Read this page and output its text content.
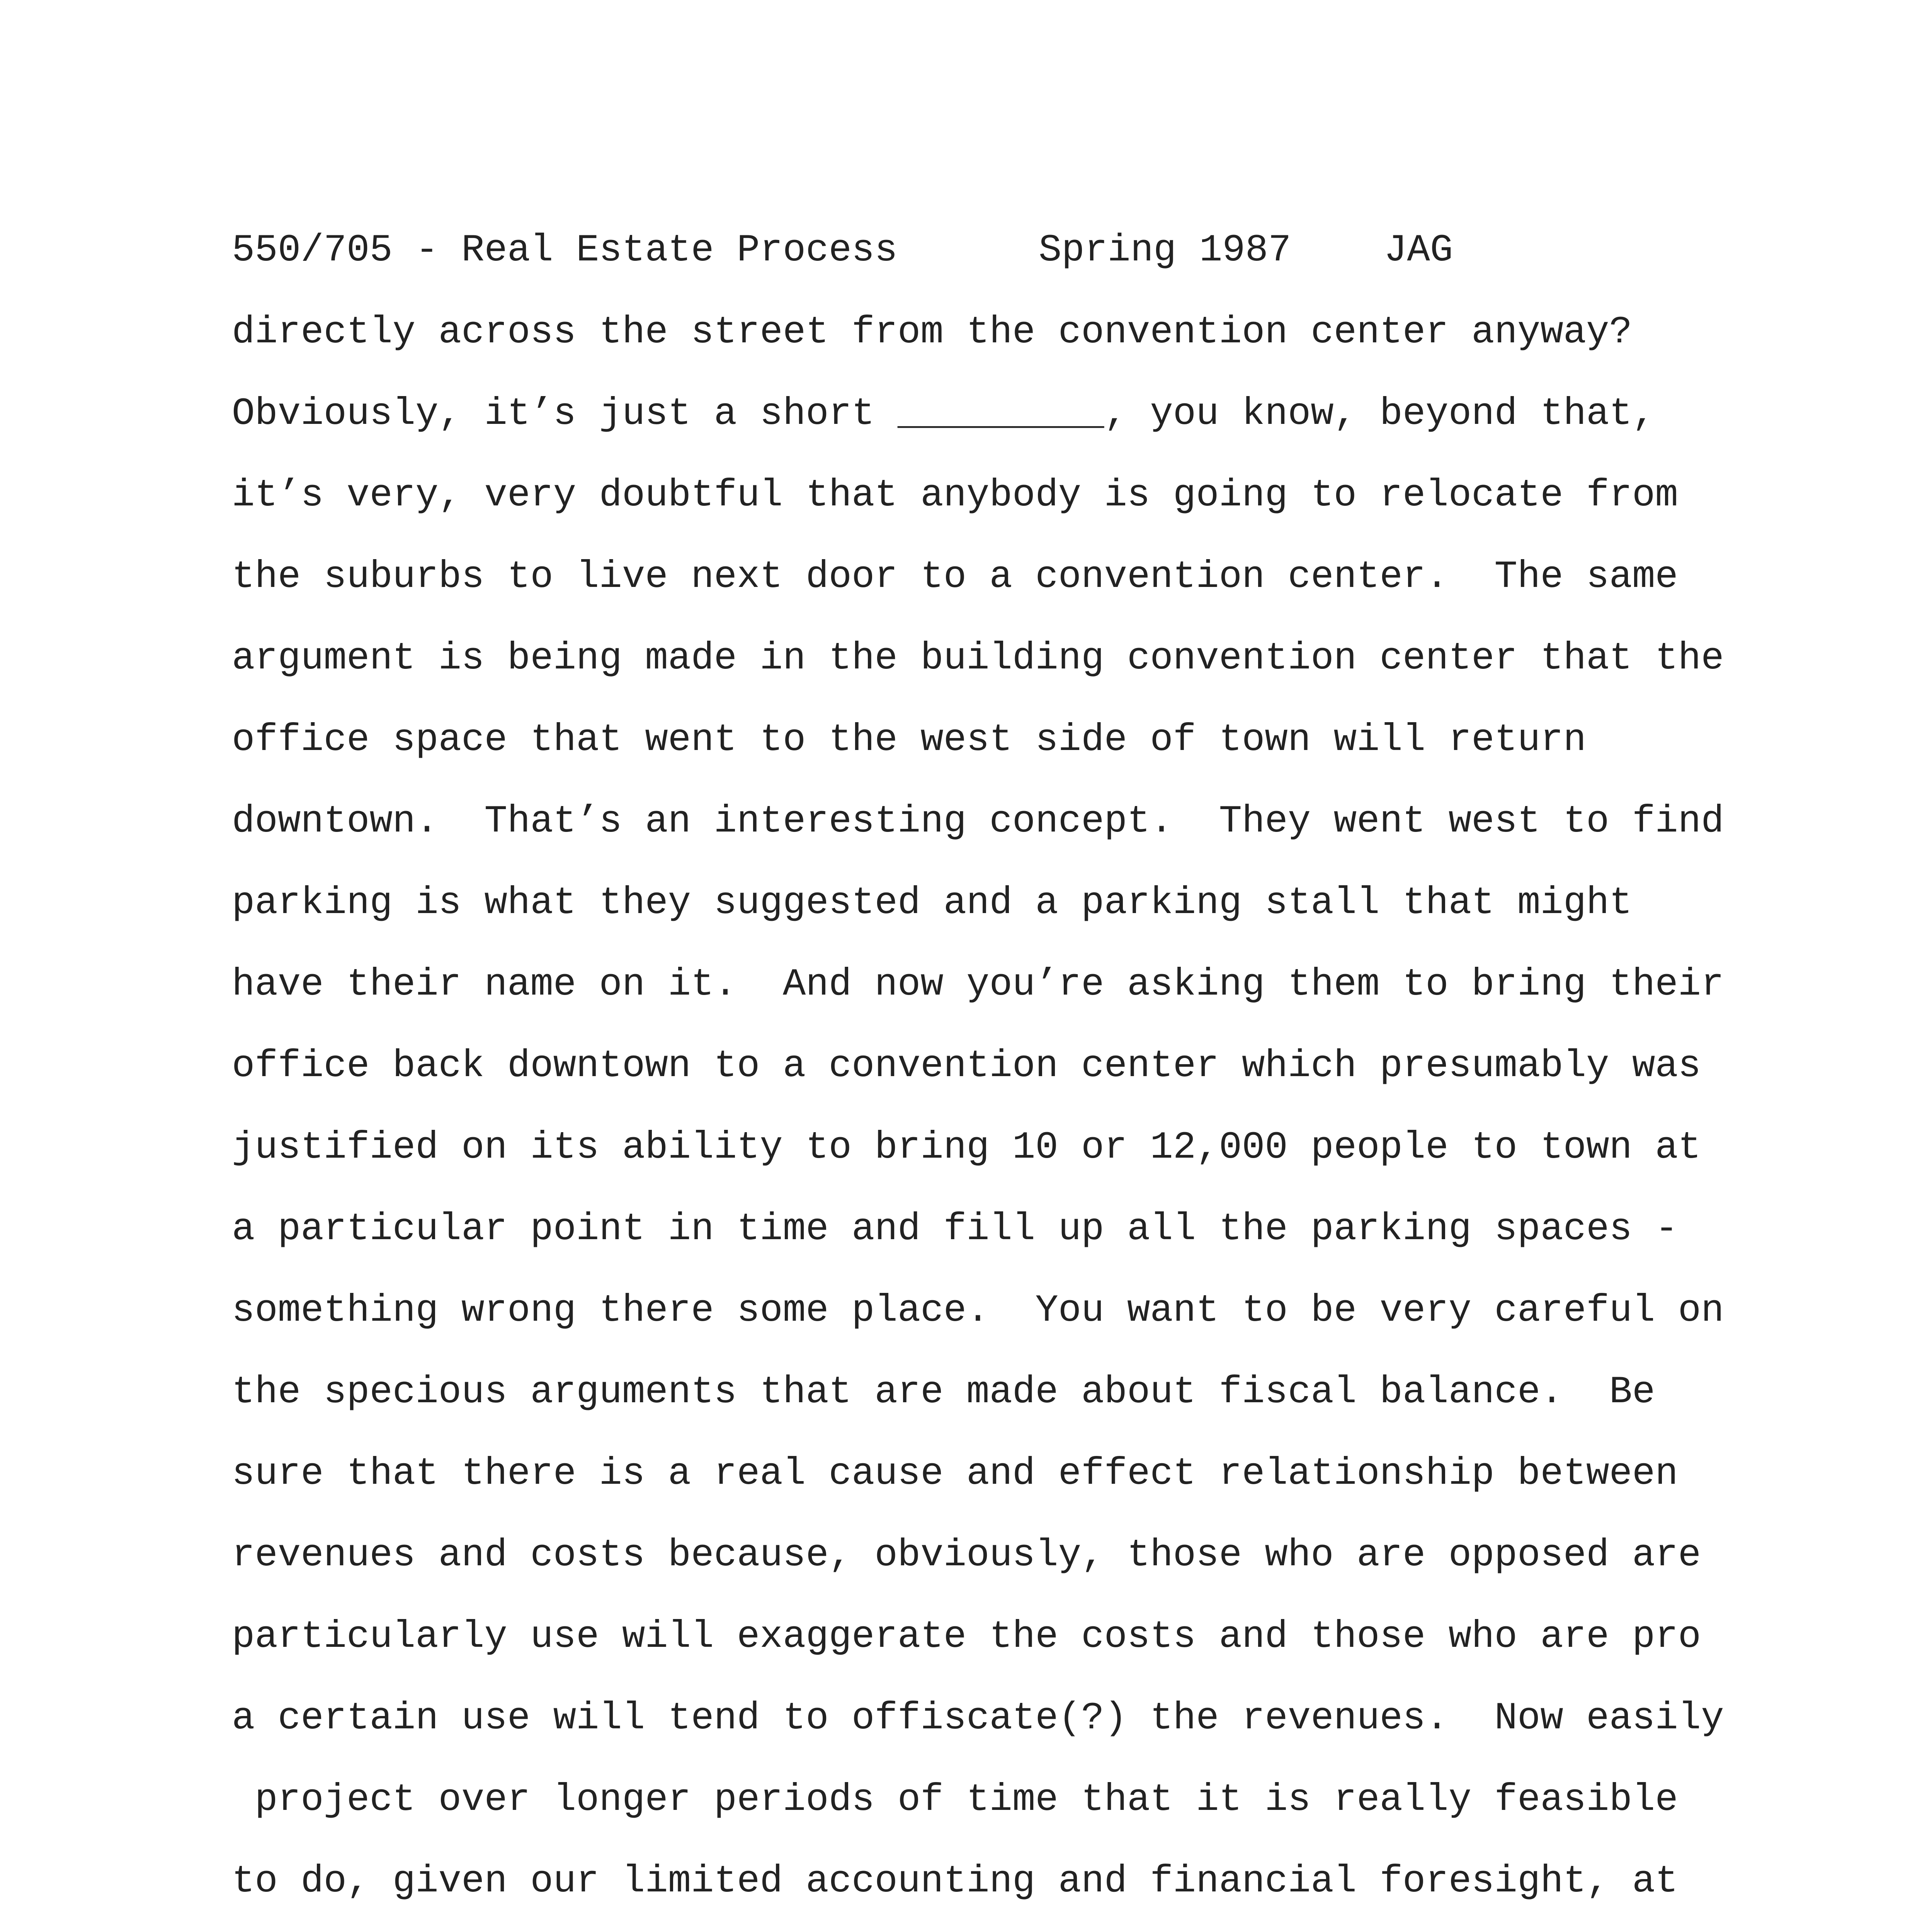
550/705 - Real Estate Process	Spring 1987 JAG
directly across the street from the convention center anyway?
Obviously, it’s just a short _________, you know, beyond that,
it’s very, very doubtful that anybody is going to relocate from
the suburbs to live next door to a convention center.  The same
argument is being made in the building convention center that the
office space that went to the west side of town will return
downtown.  That’s an interesting concept.  They went west to find
parking is what they suggested and a parking stall that might
have their name on it.  And now you’re asking them to bring their
office back downtown to a convention center which presumably was
justified on its ability to bring 10 or 12,000 people to town at
a particular point in time and fill up all the parking spaces -
something wrong there some place.  You want to be very careful on
the specious arguments that are made about fiscal balance.  Be
sure that there is a real cause and effect relationship between
revenues and costs because, obviously, those who are opposed are
particularly use will exaggerate the costs and those who are pro
a certain use will tend to offiscate(?) the revenues.  Now easily
project over longer periods of time that it is really feasible
to do, given our limited accounting and financial foresight, at
